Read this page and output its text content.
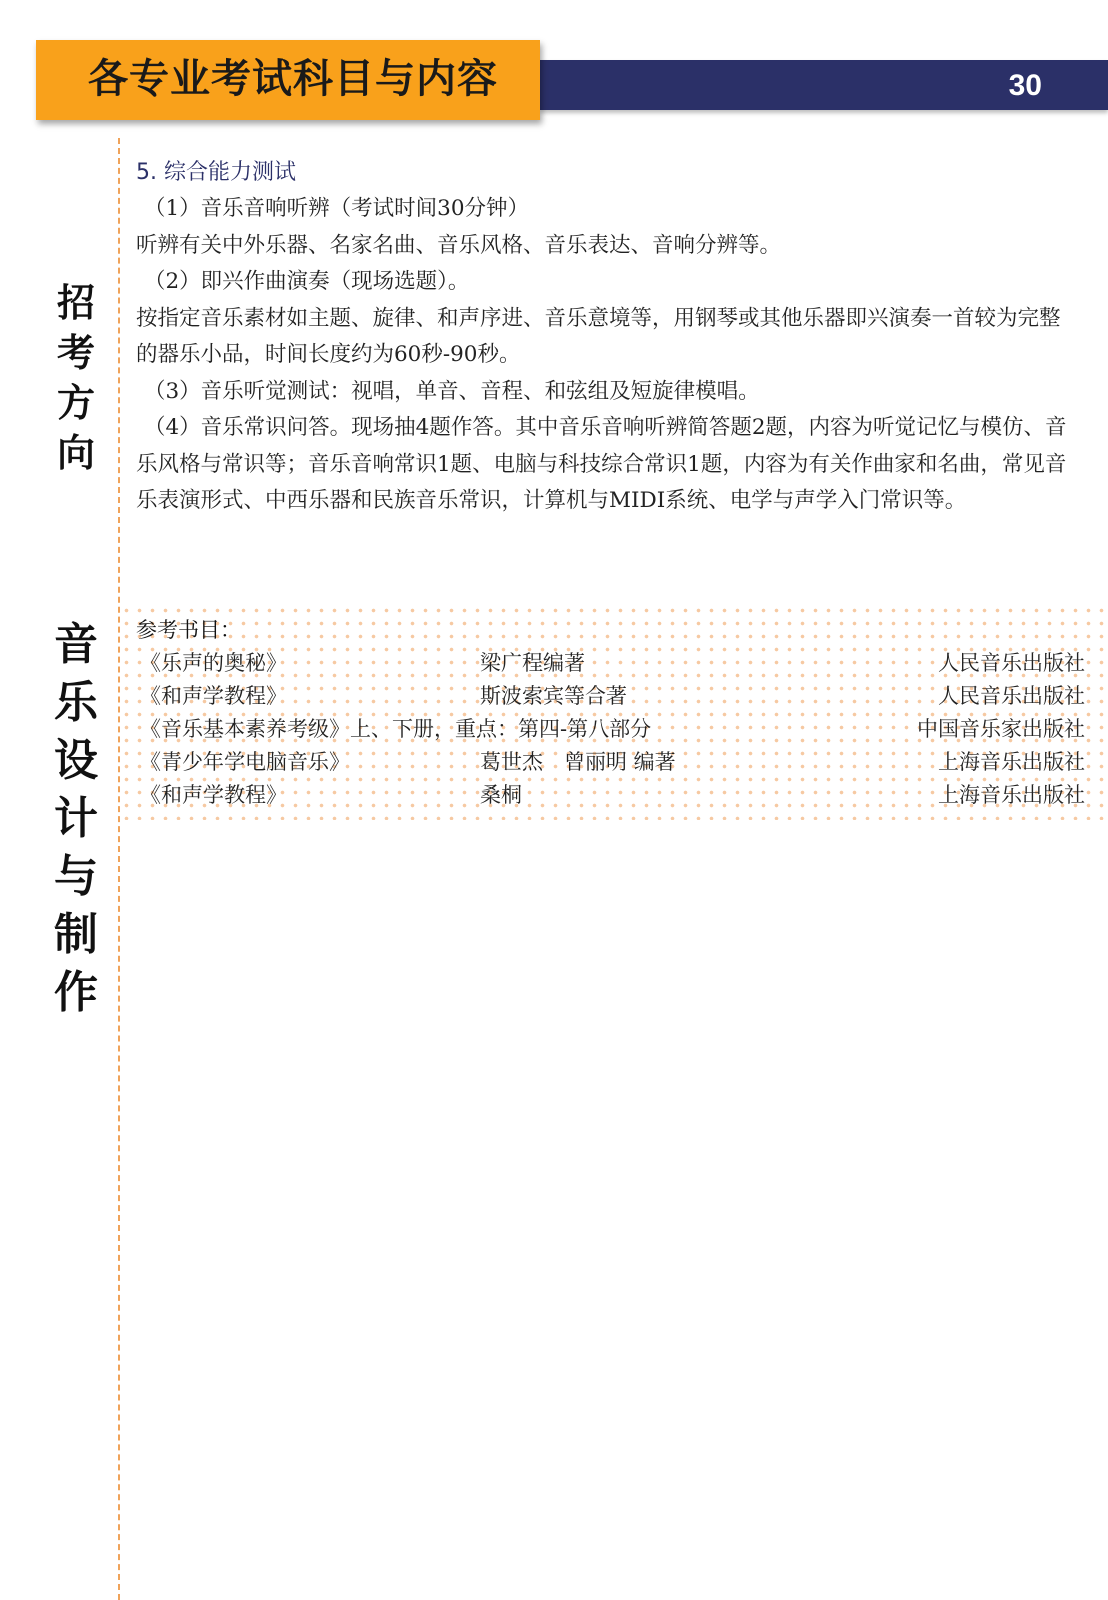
30
各专业考试科目与内容
招考方向
音乐设计与制作
5. 综合能力测试

（1）音乐音响听辨（考试时间30分钟）

听辨有关中外乐器、名家名曲、音乐风格、音乐表达、音响分辨等。

（2）即兴作曲演奏（现场选题）。

按指定音乐素材如主题、旋律、和声序进、音乐意境等，用钢琴或其他乐器即兴演奏一首较为完整的器乐小品，时间长度约为60秒-90秒。

（3）音乐听觉测试：视唱，单音、音程、和弦组及短旋律模唱。

（4）音乐常识问答。现场抽4题作答。其中音乐音响听辨简答题2题，内容为听觉记忆与模仿、音乐风格与常识等；音乐音响常识1题、电脑与科技综合常识1题，内容为有关作曲家和名曲，常见音乐表演形式、中西乐器和民族音乐常识，计算机与MIDI系统、电学与声学入门常识等。

参考书目：
《乐声的奥秘》	梁广程编著	人民音乐出版社
《和声学教程》	斯波索宾等合著	人民音乐出版社
《音乐基本素养考级》上、下册，重点：第四-第八部分	中国音乐家出版社
《青少年学电脑音乐》	葛世杰　曾丽明 编著	上海音乐出版社
《和声学教程》	桑桐	上海音乐出版社
